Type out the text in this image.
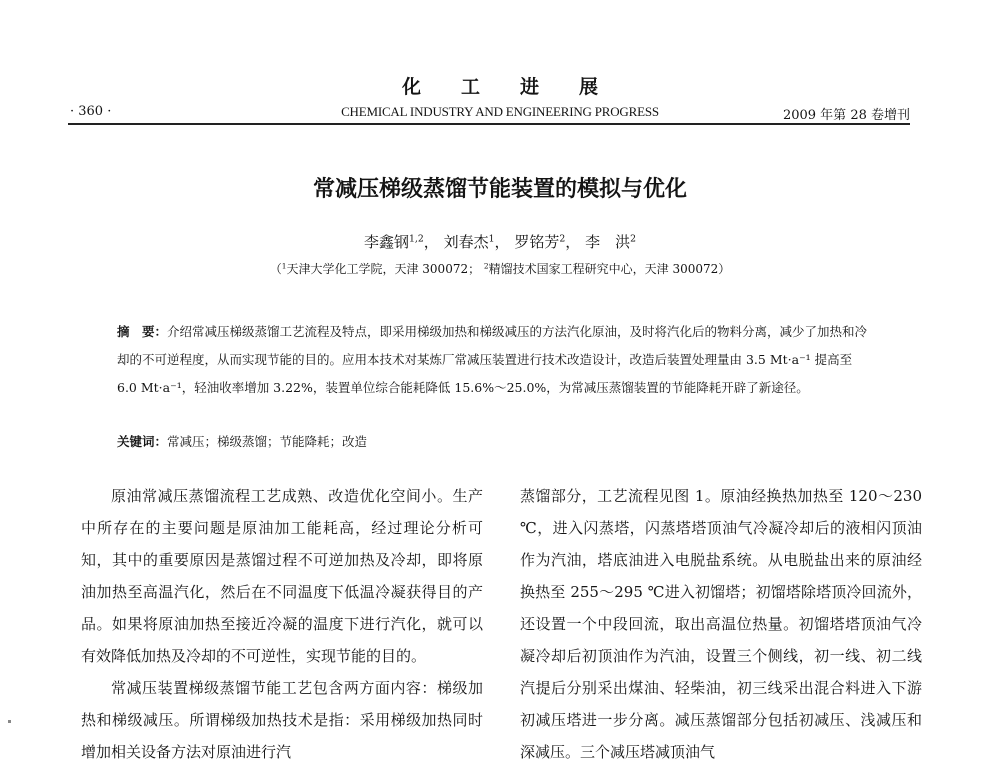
化工进展
· 360 ·	CHEMICAL INDUSTRY AND ENGINEERING PROGRESS	2009 年第 28 卷增刊
常减压梯级蒸馏节能装置的模拟与优化
李鑫钢$^{1,2}$， 刘春杰$^1$， 罗铭芳$^2$， 李　洪$^2$
（$^1$天津大学化工学院，天津 300072； $^2$精馏技术国家工程研究中心，天津 300072）
摘　要：介绍常减压梯级蒸馏工艺流程及特点，即采用梯级加热和梯级减压的方法汽化原油，及时将汽化后的物料分离，减少了加热和冷却的不可逆程度，从而实现节能的目的。应用本技术对某炼厂常减压装置进行技术改造设计，改造后装置处理量由 3.5 Mt·a⁻¹ 提高至 6.0 Mt·a⁻¹，轻油收率增加 3.22%，装置单位综合能耗降低 15.6%～25.0%，为常减压蒸馏装置的节能降耗开辟了新途径。
关键词：常减压；梯级蒸馏；节能降耗；改造

原油常减压蒸馏流程工艺成熟、改造优化空间小。生产中所存在的主要问题是原油加工能耗高，经过理论分析可知，其中的重要原因是蒸馏过程不可逆加热及冷却，即将原油加热至高温汽化，然后在不同温度下低温冷凝获得目的产品。如果将原油加热至接近冷凝的温度下进行汽化，就可以有效降低加热及冷却的不可逆性，实现节能的目的。

常减压装置梯级蒸馏节能工艺包含两方面内容：梯级加热和梯级减压。所谓梯级加热技术是指：采用梯级加热同时增加相关设备方法对原油进行汽

蒸馏部分，工艺流程见图 1。原油经换热加热至 120～230 ℃，进入闪蒸塔，闪蒸塔塔顶油气冷凝冷却后的液相闪顶油作为汽油，塔底油进入电脱盐系统。从电脱盐出来的原油经换热至 255～295 ℃进入初馏塔；初馏塔除塔顶冷回流外，还设置一个中段回流，取出高温位热量。初馏塔塔顶油气冷凝冷却后初顶油作为汽油，设置三个侧线，初一线、初二线汽提后分别采出煤油、轻柴油，初三线采出混合料进入下游初减压塔进一步分离。减压蒸馏部分包括初减压、浅减压和深减压。三个减压塔减顶油气
